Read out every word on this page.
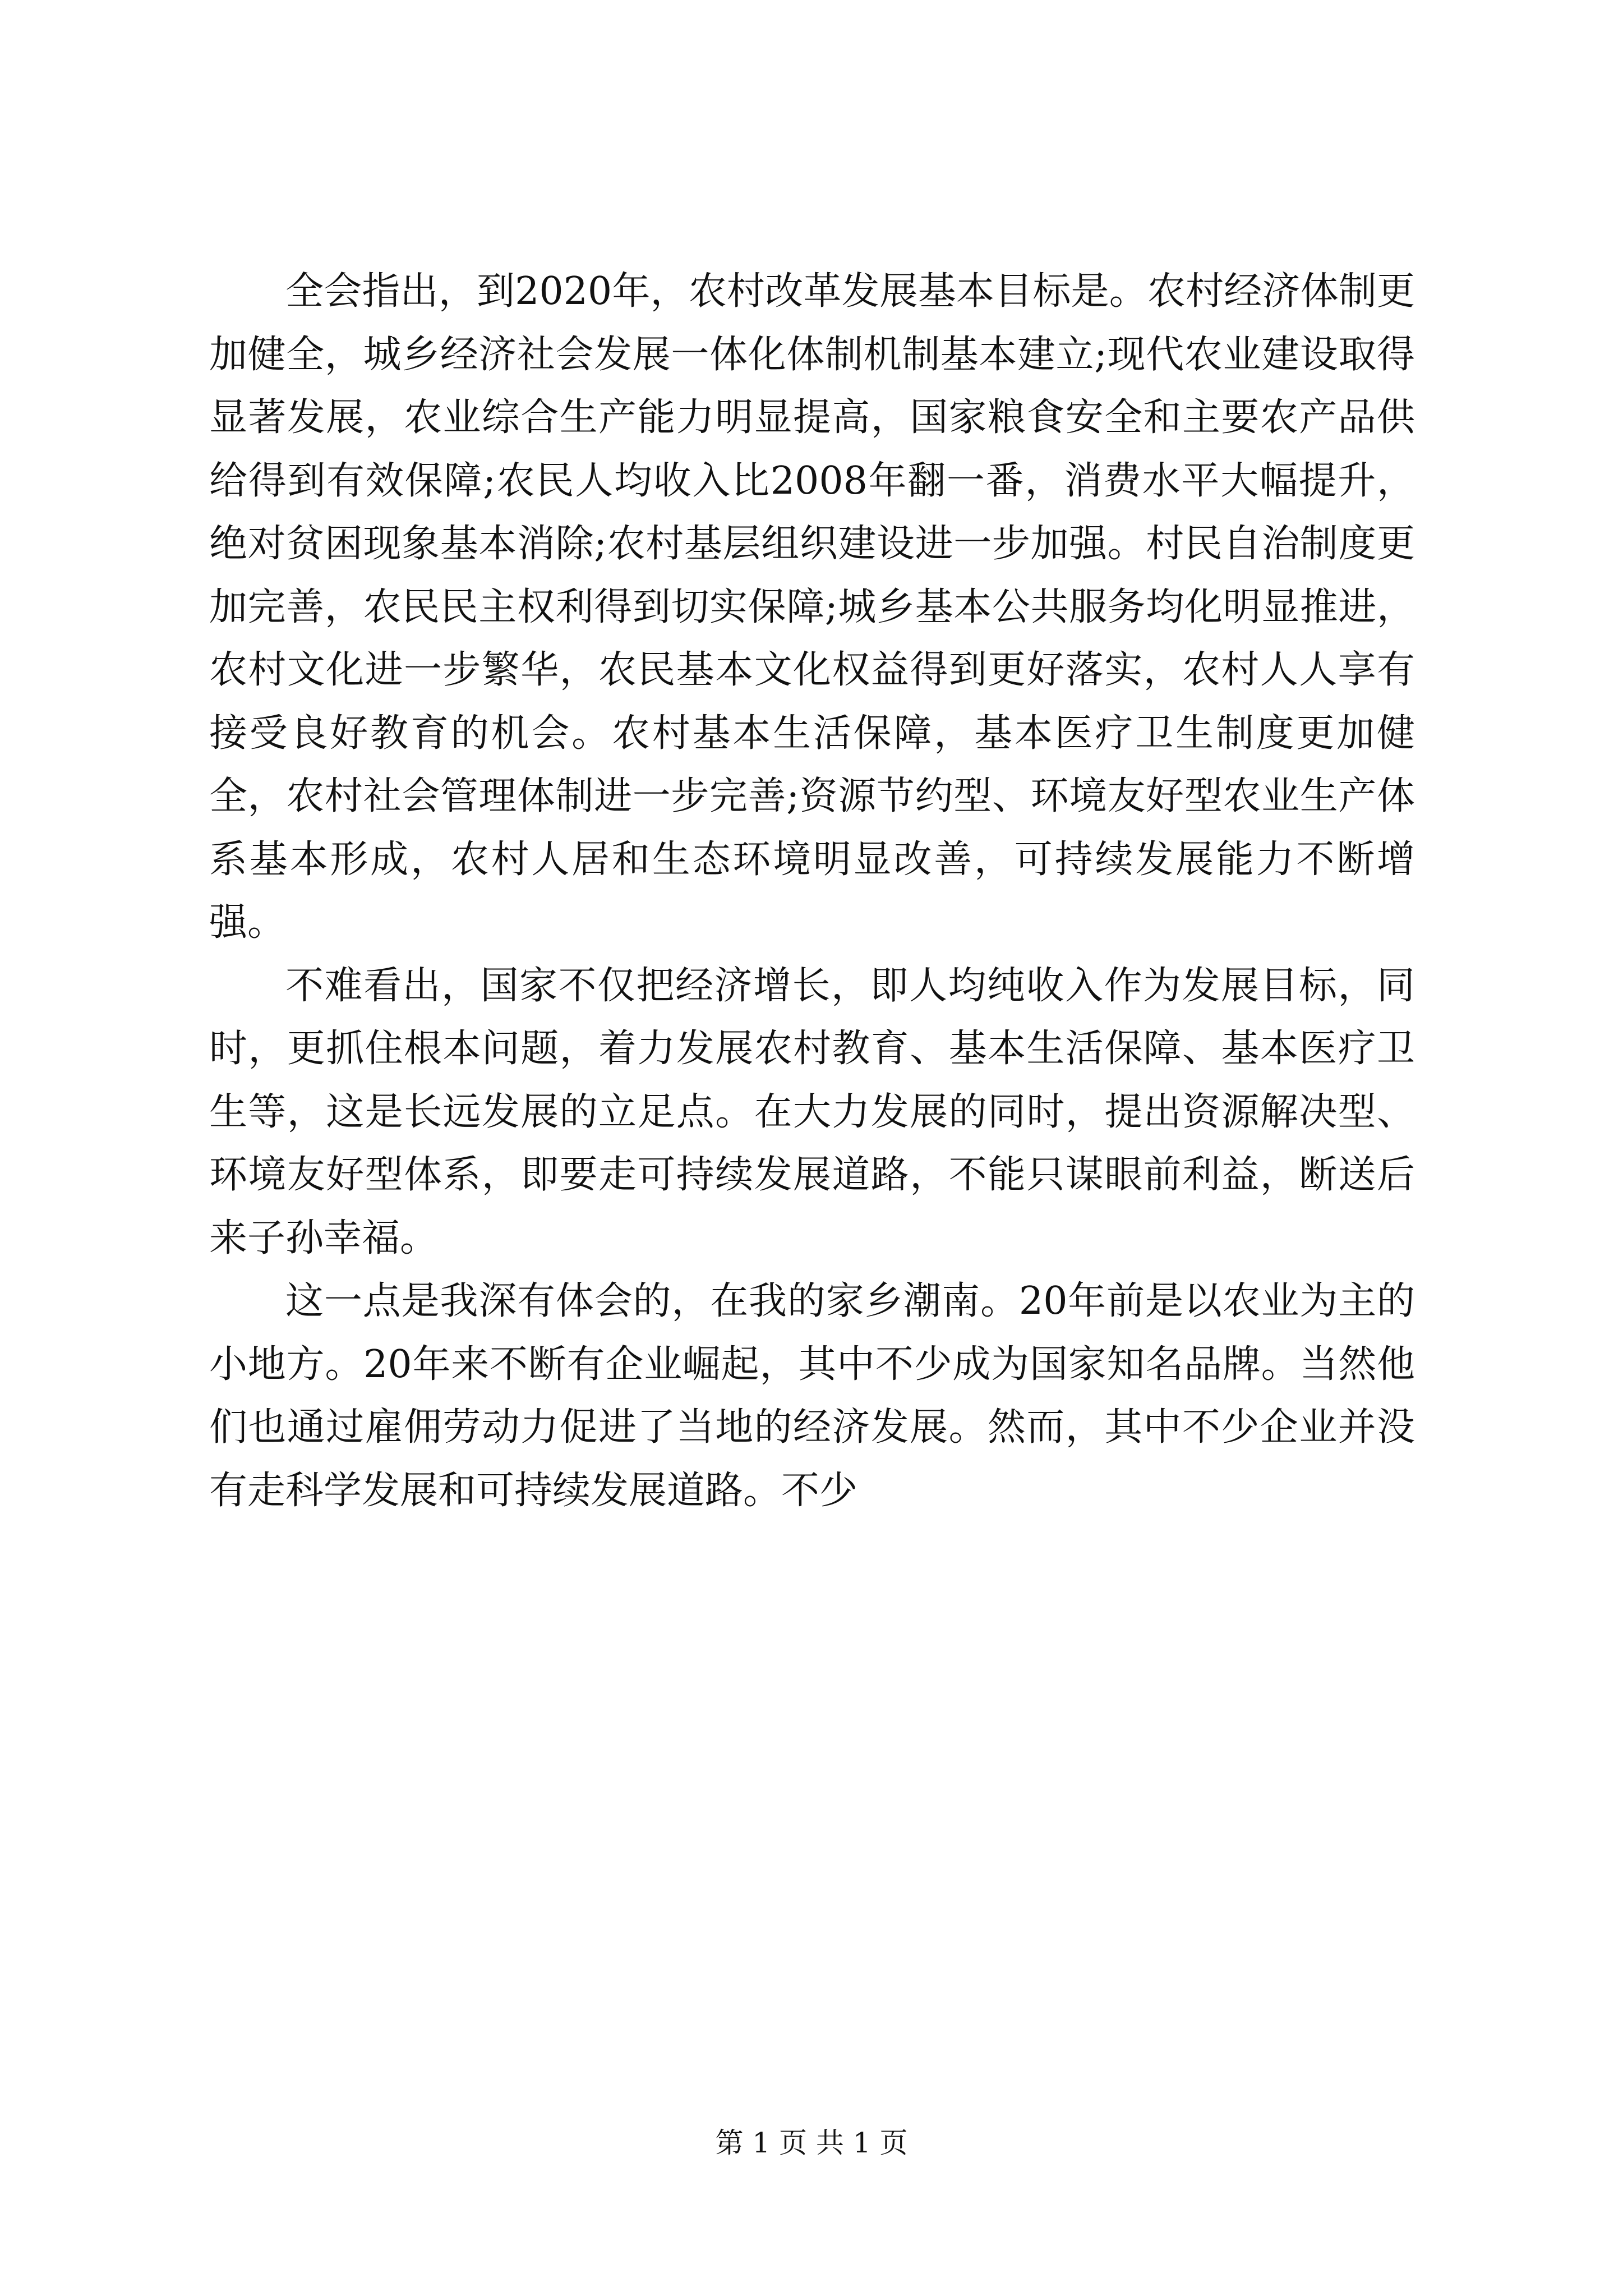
全会指出，到2020年，农村改革发展基本目标是。农村经济体制更加健全，城乡经济社会发展一体化体制机制基本建立;现代农业建设取得显著发展，农业综合生产能力明显提高，国家粮食安全和主要农产品供给得到有效保障;农民人均收入比2008年翻一番，消费水平大幅提升，绝对贫困现象基本消除;农村基层组织建设进一步加强。村民自治制度更加完善，农民民主权利得到切实保障;城乡基本公共服务均化明显推进，农村文化进一步繁华，农民基本文化权益得到更好落实，农村人人享有接受良好教育的机会。农村基本生活保障，基本医疗卫生制度更加健全，农村社会管理体制进一步完善;资源节约型、环境友好型农业生产体系基本形成，农村人居和生态环境明显改善，可持续发展能力不断增强。

不难看出，国家不仅把经济增长，即人均纯收入作为发展目标，同时，更抓住根本问题，着力发展农村教育、基本生活保障、基本医疗卫生等，这是长远发展的立足点。在大力发展的同时，提出资源解决型、环境友好型体系，即要走可持续发展道路，不能只谋眼前利益，断送后来子孙幸福。

这一点是我深有体会的，在我的家乡潮南。20年前是以农业为主的小地方。20年来不断有企业崛起，其中不少成为国家知名品牌。当然他们也通过雇佣劳动力促进了当地的经济发展。然而，其中不少企业并没有走科学发展和可持续发展道路。不少

第 1 页 共 1 页
